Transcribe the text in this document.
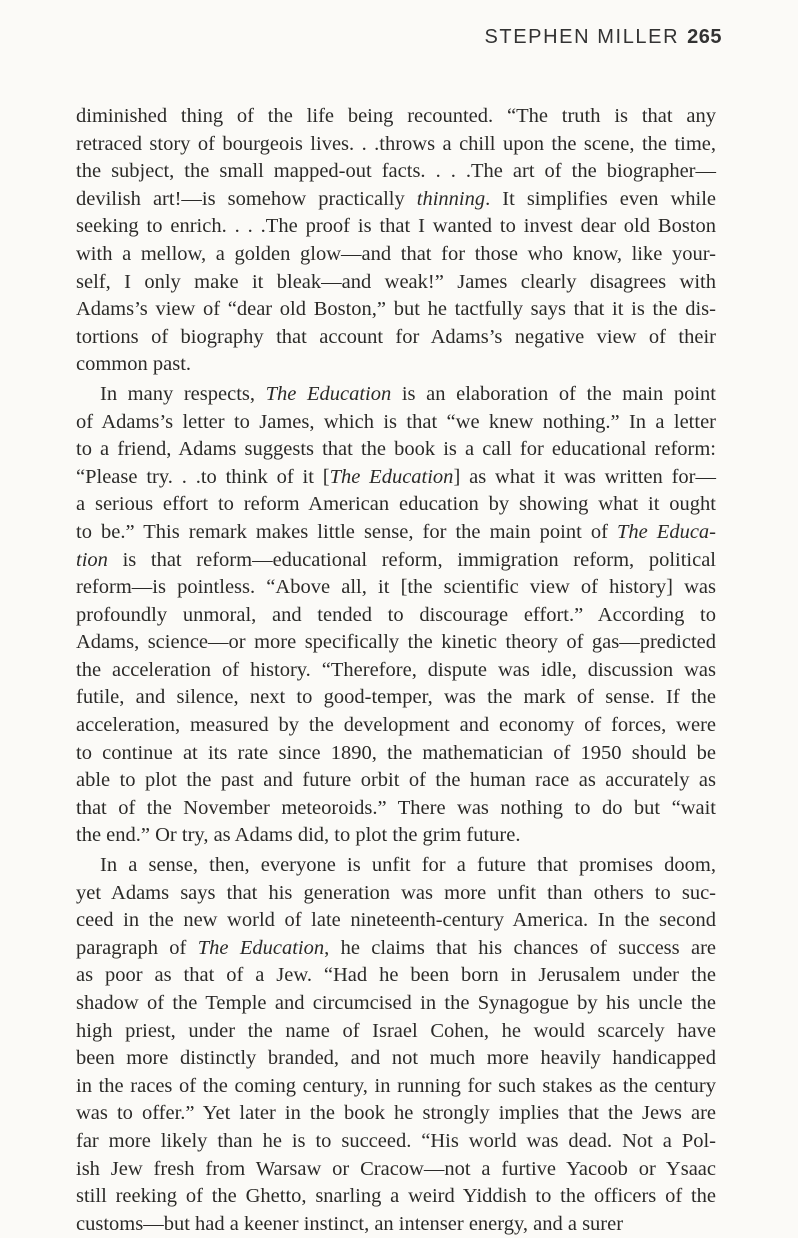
STEPHEN MILLER 265
diminished thing of the life being recounted. “The truth is that any
retraced story of bourgeois lives. . .throws a chill upon the scene, the time,
the subject, the small mapped-out facts. . . .The art of the biographer—
devilish art!—is somehow practically thinning. It simplifies even while
seeking to enrich. . . .The proof is that I wanted to invest dear old Boston
with a mellow, a golden glow—and that for those who know, like your-
self, I only make it bleak—and weak!” James clearly disagrees with
Adams’s view of “dear old Boston,” but he tactfully says that it is the dis-
tortions of biography that account for Adams’s negative view of their
common past.
In many respects, The Education is an elaboration of the main point
of Adams’s letter to James, which is that “we knew nothing.” In a letter
to a friend, Adams suggests that the book is a call for educational reform:
“Please try. . .to think of it [The Education] as what it was written for—
a serious effort to reform American education by showing what it ought
to be.” This remark makes little sense, for the main point of The Educa-
tion is that reform—educational reform, immigration reform, political
reform—is pointless. “Above all, it [the scientific view of history] was
profoundly unmoral, and tended to discourage effort.” According to
Adams, science—or more specifically the kinetic theory of gas—predicted
the acceleration of history. “Therefore, dispute was idle, discussion was
futile, and silence, next to good-temper, was the mark of sense. If the
acceleration, measured by the development and economy of forces, were
to continue at its rate since 1890, the mathematician of 1950 should be
able to plot the past and future orbit of the human race as accurately as
that of the November meteoroids.” There was nothing to do but “wait
the end.” Or try, as Adams did, to plot the grim future.
In a sense, then, everyone is unfit for a future that promises doom,
yet Adams says that his generation was more unfit than others to suc-
ceed in the new world of late nineteenth-century America. In the second
paragraph of The Education, he claims that his chances of success are
as poor as that of a Jew. “Had he been born in Jerusalem under the
shadow of the Temple and circumcised in the Synagogue by his uncle the
high priest, under the name of Israel Cohen, he would scarcely have
been more distinctly branded, and not much more heavily handicapped
in the races of the coming century, in running for such stakes as the century
was to offer.” Yet later in the book he strongly implies that the Jews are
far more likely than he is to succeed. “His world was dead. Not a Pol-
ish Jew fresh from Warsaw or Cracow—not a furtive Yacoob or Ysaac
still reeking of the Ghetto, snarling a weird Yiddish to the officers of the
customs—but had a keener instinct, an intenser energy, and a surer
